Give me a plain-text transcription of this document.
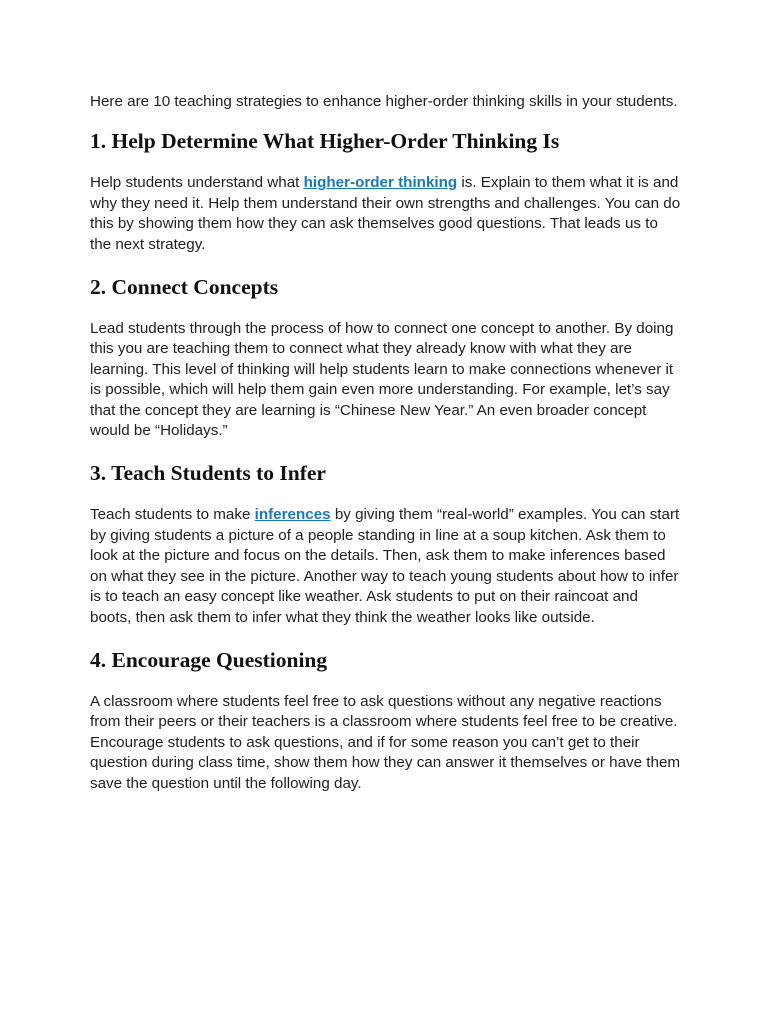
Here are 10 teaching strategies to enhance higher-order thinking skills in your students.

1. Help Determine What Higher-Order Thinking Is

Help students understand what higher-order thinking is. Explain to them what it is and why they need it. Help them understand their own strengths and challenges. You can do this by showing them how they can ask themselves good questions. That leads us to the next strategy.

2. Connect Concepts

Lead students through the process of how to connect one concept to another. By doing this you are teaching them to connect what they already know with what they are learning. This level of thinking will help students learn to make connections whenever it is possible, which will help them gain even more understanding. For example, let’s say that the concept they are learning is “Chinese New Year.” An even broader concept would be “Holidays.”

3. Teach Students to Infer

Teach students to make inferences by giving them “real-world” examples. You can start by giving students a picture of a people standing in line at a soup kitchen. Ask them to look at the picture and focus on the details. Then, ask them to make inferences based on what they see in the picture. Another way to teach young students about how to infer is to teach an easy concept like weather. Ask students to put on their raincoat and boots, then ask them to infer what they think the weather looks like outside.

4. Encourage Questioning

A classroom where students feel free to ask questions without any negative reactions from their peers or their teachers is a classroom where students feel free to be creative. Encourage students to ask questions, and if for some reason you can’t get to their question during class time, show them how they can answer it themselves or have them save the question until the following day.
